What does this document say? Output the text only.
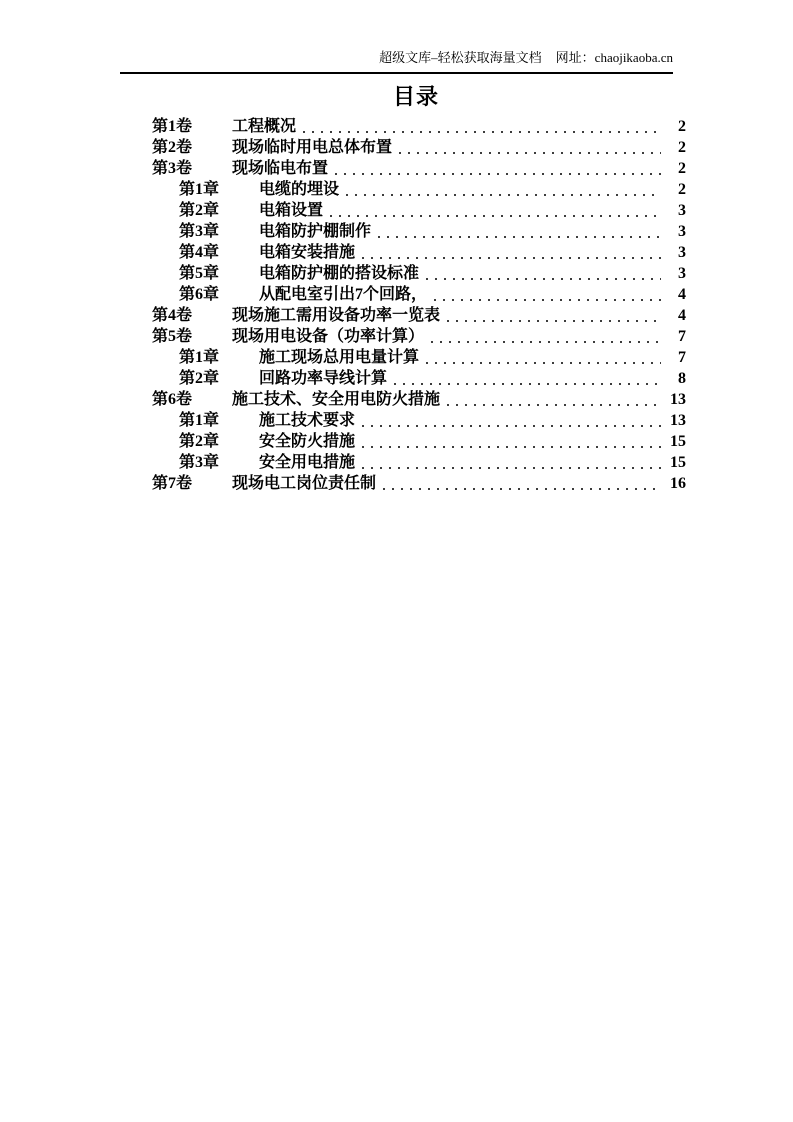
超级文库–轻松获取海量文档 网址： chaojikaoba.cn
目录
第1卷	工程概况	2
第2卷	现场临时用电总体布置	2
第3卷	现场临电布置	2
第1章	电缆的埋设	2
第2章	电箱设置	3
第3章	电箱防护棚制作	3
第4章	电箱安装措施	3
第5章	电箱防护棚的搭设标准	3
第6章	从配电室引出7个回路，	4
第4卷	现场施工需用设备功率一览表	4
第5卷	现场用电设备（功率计算）	7
第1章	施工现场总用电量计算	7
第2章	回路功率导线计算	8
第6卷	施工技术、安全用电防火措施	13
第1章	施工技术要求	13
第2章	安全防火措施	15
第3章	安全用电措施	15
第7卷	现场电工岗位责任制	16
